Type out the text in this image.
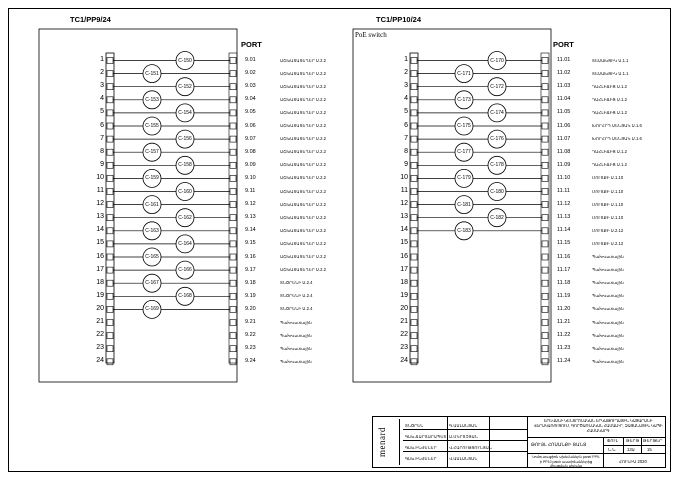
TC1/PP9/24
PORT
TC1/PP10/24
PoE switch
PORT
1	9.01	ԱՇԽԱՏԱՏԵՂԵՐ Ս.2.2
2	9.02	ԱՇԽԱՏԱՏԵՂԵՐ Ս.2.2
3	9.03	ԱՇԽԱՏԱՏԵՂԵՐ Ս.2.2
4	9.04	ԱՇԽԱՏԱՏԵՂԵՐ Ս.2.2
5	9.05	ԱՇԽԱՏԱՏԵՂԵՐ Ս.2.2
6	9.06	ԱՇԽԱՏԱՏԵՂԵՐ Ս.2.2
7	9.07	ԱՇԽԱՏԱՏԵՂԵՐ Ս.2.2
8	9.08	ԱՇԽԱՏԱՏԵՂԵՐ Ս.2.2
9	9.09	ԱՇԽԱՏԱՏԵՂԵՐ Ս.2.2
10	9.10	ԱՇԽԱՏԱՏԵՂԵՐ Ս.2.2
11	9.11	ԱՇԽԱՏԱՏԵՂԵՐ Ս.2.2
12	9.12	ԱՇԽԱՏԱՏԵՂԵՐ Ս.2.2
13	9.13	ԱՇԽԱՏԱՏԵՂԵՐ Ս.2.2
14	9.14	ԱՇԽԱՏԱՏԵՂԵՐ Ս.2.2
15	9.15	ԱՇԽԱՏԱՏԵՂԵՐ Ս.2.2
16	9.16	ԱՇԽԱՏԱՏԵՂԵՐ Ս.2.2
17	9.17	ԱՇԽԱՏԱՏԵՂԵՐ Ս.2.2
18	9.18	ՏՆՕՐԵՆԻ Ս.2.4
19	9.19	ՏՆՕՐԵՆԻ Ս.2.4
20	9.20	ՏՆՕՐԵՆԻ Ս.2.4
21	9.21	Պահուստային
22	9.22	Պահուստային
23	9.23	Պահուստային
24	9.24	Պահուստային
C-150
C-151
C-152
C-153
C-154
C-155
C-156
C-157
C-158
C-159
C-160
C-161
C-162
C-163
C-164
C-165
C-166
C-167
C-168
C-169
1	11.01	ՏԵՍԱԽՑԻԿ Ս.1.1
2	11.02	ՏԵՍԱԽՑԻԿ Ս.1.1
3	11.03	ԴԱՀԼԻՃԻՑ Ս.1.2
4	11.04	ԴԱՀԼԻՃԻՑ Ս.1.2
5	11.05	ԴԱՀԼԻՃԻՑ Ս.1.2
6	11.06	ԽՈՐՀՐԴ ՍԵՆՅԱԿ Ս.1.6
7	11.07	ԽՈՐՀՐԴ ՍԵՆՅԱԿ Ս.1.6
8	11.08	ԴԱՀԼԻՃԻՑ Ս.1.2
9	11.09	ԴԱՀԼԻՃԻՑ Ս.1.2
10	11.10	ՄՈՒՏՔԻ Ս.1.10
11	11.11	ՄՈՒՏՔԻ Ս.1.10
12	11.12	ՄՈՒՏՔԻ Ս.1.10
13	11.13	ՄՈՒՏՔԻ Ս.1.10
14	11.14	ՄՈՒՏՔԻ Ս.2.12
15	11.15	ՄՈՒՏՔԻ Ս.2.12
16	11.16	Պահուստային
17	11.17	Պահուստային
18	11.18	Պահուստային
19	11.19	Պահուստային
20	11.20	Պահուստային
21	11.21	Պահուստային
22	11.22	Պահուստային
23	11.23	Պահուստային
24	11.24	Պահուստային
C-170
C-171
C-172
C-173
C-174
C-175
C-176
C-177
C-178
C-179
C-180
C-181
C-182
C-183
menard
ՏՆՕՐԵՆ
ԳԼԽ.ՃԱՐՏԱՐԱՊԵՏ
ԳԼԽ.ԻՆԺԵՆԵՐ
ԳԼԽ.ԻՆԺԵՆԵՐ
Գ.ԱՍԼԱՆՅԱՆ
Ա.ՄԿՐՏՉՅԱՆ
Վ.ՀԱՐՈՒԹՅՈՒՆՅԱՆ
Վ.ԱՍԼԱՆՅԱՆ
ԵՐԵՎԱՆԻ ԿԵՆՏՐՈՆԱԿԱՆ ԵՐԿԱԹՈՒՂԱՅԻՆ ԿԱՅԱՐԱՆԻ ՎԵՐԱԿԱՌՈՒՑՈՒՄ, ԳՈՐԾԱՌՆԱԿԱՆ ՀԱՄԱԼԻՐ, ԶԱՅԱՆԱՅԻՆ ԿԱՊԻ ՀԱՄԱԿԱՐԳ
ԹՈՒՅԼ ՀՈՍԱՆՔԻ ՑԱՆՑ
ՓՈՒԼ ԹԵՐԹ ԹԵՐԹԵՐ
Ն.Ն.	13Ա	15
Կոմուտացիոն սխեմաներն panel PP9-ի PP10 patch աստիճաններից միացման սխեմա
ՀՈՒՆԻՍ 2020
